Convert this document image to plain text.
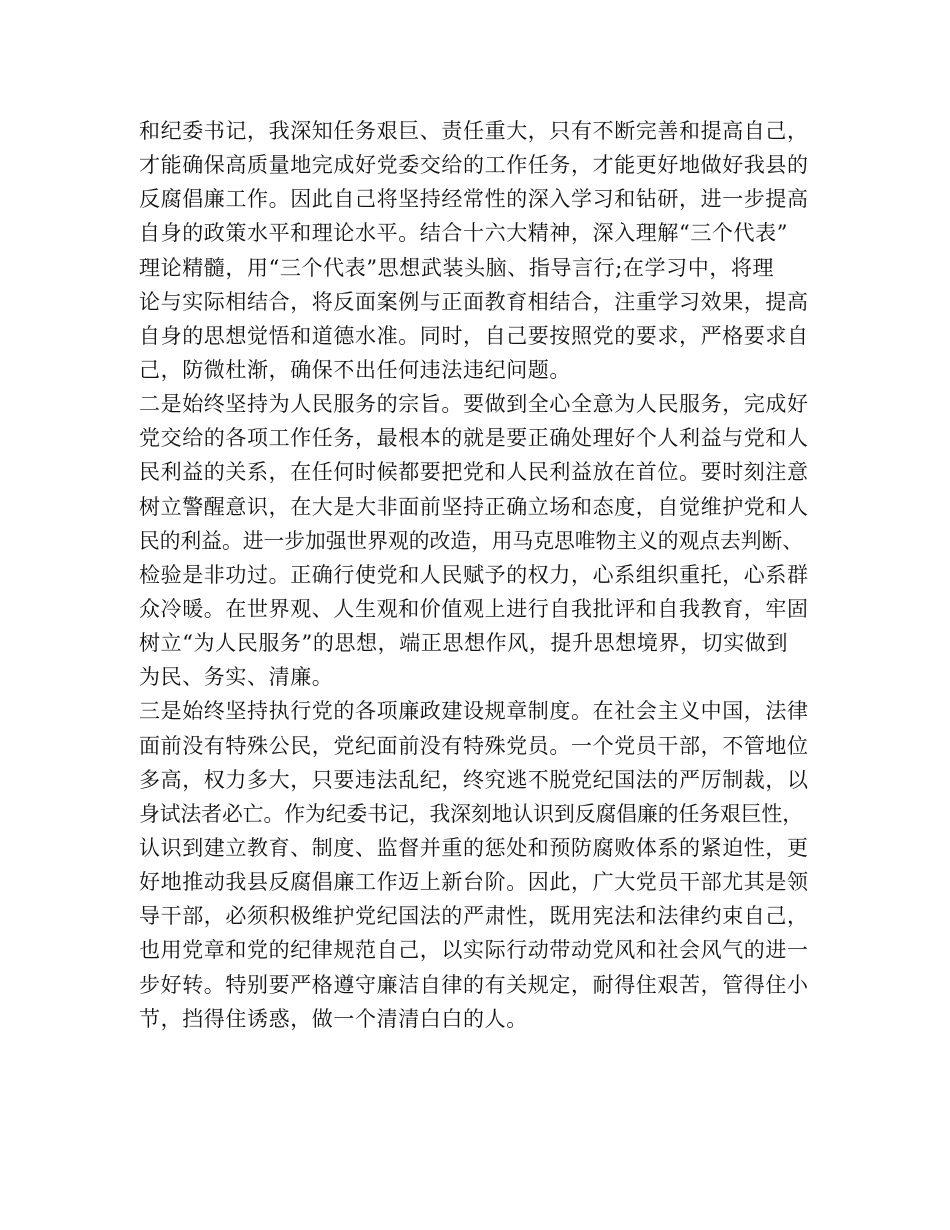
和纪委书记，我深知任务艰巨、责任重大，只有不断完善和提高自己，
才能确保高质量地完成好党委交给的工作任务，才能更好地做好我县的
反腐倡廉工作。因此自己将坚持经常性的深入学习和钻研，进一步提高
自身的政策水平和理论水平。结合十六大精神，深入理解“三个代表”
理论精髓，用“三个代表”思想武装头脑、指导言行;在学习中，将理
论与实际相结合，将反面案例与正面教育相结合，注重学习效果，提高
自身的思想觉悟和道德水准。同时，自己要按照党的要求，严格要求自
己，防微杜渐，确保不出任何违法违纪问题。
二是始终坚持为人民服务的宗旨。要做到全心全意为人民服务，完成好
党交给的各项工作任务，最根本的就是要正确处理好个人利益与党和人
民利益的关系，在任何时候都要把党和人民利益放在首位。要时刻注意
树立警醒意识，在大是大非面前坚持正确立场和态度，自觉维护党和人
民的利益。进一步加强世界观的改造，用马克思唯物主义的观点去判断、
检验是非功过。正确行使党和人民赋予的权力，心系组织重托，心系群
众冷暖。在世界观、人生观和价值观上进行自我批评和自我教育，牢固
树立“为人民服务”的思想，端正思想作风，提升思想境界，切实做到
为民、务实、清廉。
三是始终坚持执行党的各项廉政建设规章制度。在社会主义中国，法律
面前没有特殊公民，党纪面前没有特殊党员。一个党员干部，不管地位
多高，权力多大，只要违法乱纪，终究逃不脱党纪国法的严厉制裁，以
身试法者必亡。作为纪委书记，我深刻地认识到反腐倡廉的任务艰巨性，
认识到建立教育、制度、监督并重的惩处和预防腐败体系的紧迫性，更
好地推动我县反腐倡廉工作迈上新台阶。因此，广大党员干部尤其是领
导干部，必须积极维护党纪国法的严肃性，既用宪法和法律约束自己，
也用党章和党的纪律规范自己，以实际行动带动党风和社会风气的进一
步好转。特别要严格遵守廉洁自律的有关规定，耐得住艰苦，管得住小
节，挡得住诱惑，做一个清清白白的人。
